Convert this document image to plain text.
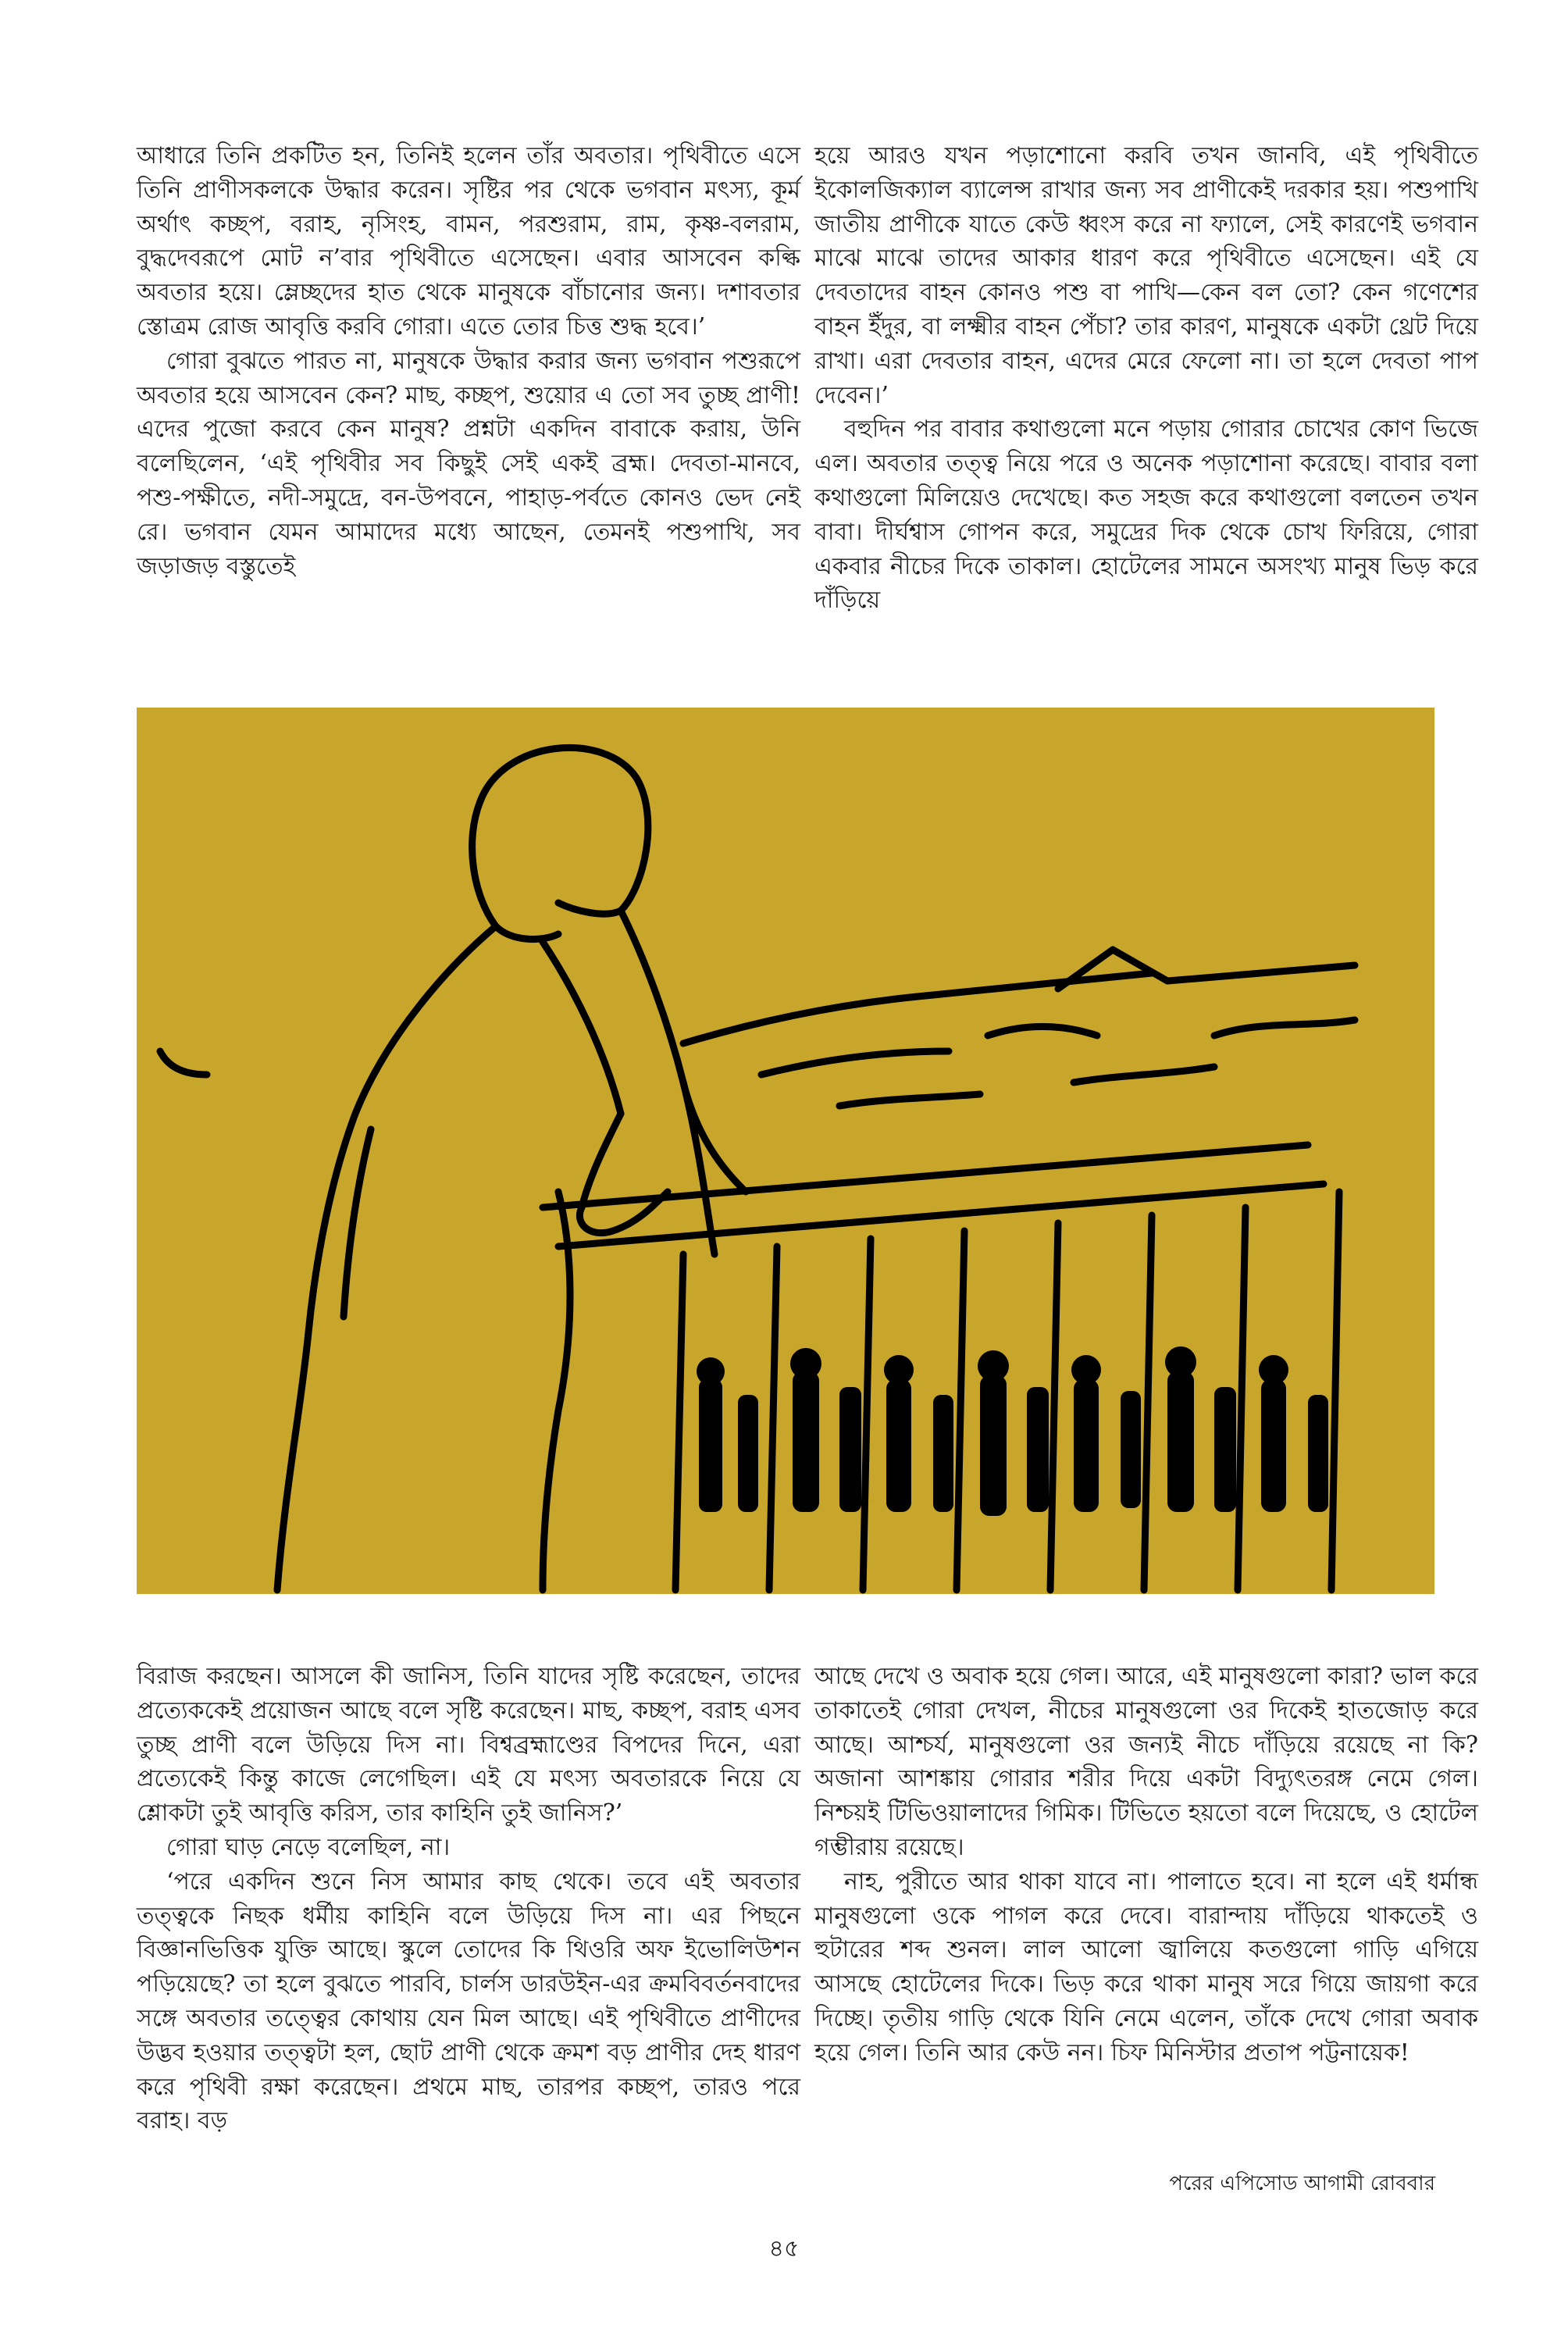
আধারে তিনি প্রকটিত হন, তিনিই হলেন তাঁর অবতার। পৃথিবীতে এসে তিনি প্রাণীসকলকে উদ্ধার করেন। সৃষ্টির পর থেকে ভগবান মৎস্য, কূর্ম অর্থাৎ কচ্ছপ, বরাহ, নৃসিংহ, বামন, পরশুরাম, রাম, কৃষ্ণ-বলরাম, বুদ্ধদেবরূপে মোট ন’বার পৃথিবীতে এসেছেন। এবার আসবেন কল্কি অবতার হয়ে। ম্লেচ্ছদের হাত থেকে মানুষকে বাঁচানোর জন্য। দশাবতার স্তোত্রম রোজ আবৃত্তি করবি গোরা। এতে তোর চিত্ত শুদ্ধ হবে।’

গোরা বুঝতে পারত না, মানুষকে উদ্ধার করার জন্য ভগবান পশুরূপে অবতার হয়ে আসবেন কেন? মাছ, কচ্ছপ, শুয়োর এ তো সব তুচ্ছ প্রাণী! এদের পুজো করবে কেন মানুষ? প্রশ্নটা একদিন বাবাকে করায়, উনি বলেছিলেন, ‘এই পৃথিবীর সব কিছুই সেই একই ব্রহ্ম। দেবতা-মানবে, পশু-পক্ষীতে, নদী-সমুদ্রে, বন-উপবনে, পাহাড়-পর্বতে কোনও ভেদ নেই রে। ভগবান যেমন আমাদের মধ্যে আছেন, তেমনই পশুপাখি, সব জড়াজড় বস্তুতেই

হয়ে আরও যখন পড়াশোনো করবি তখন জানবি, এই পৃথিবীতে ইকোলজিক্যাল ব্যালেন্স রাখার জন্য সব প্রাণীকেই দরকার হয়। পশুপাখি জাতীয় প্রাণীকে যাতে কেউ ধ্বংস করে না ফ্যালে, সেই কারণেই ভগবান মাঝে মাঝে তাদের আকার ধারণ করে পৃথিবীতে এসেছেন। এই যে দেবতাদের বাহন কোনও পশু বা পাখি—কেন বল তো? কেন গণেশের বাহন ইঁদুর, বা লক্ষ্মীর বাহন পেঁচা? তার কারণ, মানুষকে একটা থ্রেট দিয়ে রাখা। এরা দেবতার বাহন, এদের মেরে ফেলো না। তা হলে দেবতা পাপ দেবেন।’

বহুদিন পর বাবার কথাগুলো মনে পড়ায় গোরার চোখের কোণ ভিজে এল। অবতার তত্ত্ব নিয়ে পরে ও অনেক পড়াশোনা করেছে। বাবার বলা কথাগুলো মিলিয়েও দেখেছে। কত সহজ করে কথাগুলো বলতেন তখন বাবা। দীর্ঘশ্বাস গোপন করে, সমুদ্রের দিক থেকে চোখ ফিরিয়ে, গোরা একবার নীচের দিকে তাকাল। হোটেলের সামনে অসংখ্য মানুষ ভিড় করে দাঁড়িয়ে

বিরাজ করছেন। আসলে কী জানিস, তিনি যাদের সৃষ্টি করেছেন, তাদের প্রত্যেককেই প্রয়োজন আছে বলে সৃষ্টি করেছেন। মাছ, কচ্ছপ, বরাহ এসব তুচ্ছ প্রাণী বলে উড়িয়ে দিস না। বিশ্বব্রহ্মাণ্ডের বিপদের দিনে, এরা প্রত্যেকেই কিন্তু কাজে লেগেছিল। এই যে মৎস্য অবতারকে নিয়ে যে শ্লোকটা তুই আবৃত্তি করিস, তার কাহিনি তুই জানিস?’

গোরা ঘাড় নেড়ে বলেছিল, না।

‘পরে একদিন শুনে নিস আমার কাছ থেকে। তবে এই অবতার তত্ত্বকে নিছক ধর্মীয় কাহিনি বলে উড়িয়ে দিস না। এর পিছনে বিজ্ঞানভিত্তিক যুক্তি আছে। স্কুলে তোদের কি থিওরি অফ ইভোলিউশন পড়িয়েছে? তা হলে বুঝতে পারবি, চার্লস ডারউইন-এর ক্রমবিবর্তনবাদের সঙ্গে অবতার তত্ত্বের কোথায় যেন মিল আছে। এই পৃথিবীতে প্রাণীদের উদ্ভব হওয়ার তত্ত্বটা হল, ছোট প্রাণী থেকে ক্রমশ বড় প্রাণীর দেহ ধারণ করে পৃথিবী রক্ষা করেছেন। প্রথমে মাছ, তারপর কচ্ছপ, তারও পরে বরাহ। বড়

আছে দেখে ও অবাক হয়ে গেল। আরে, এই মানুষগুলো কারা? ভাল করে তাকাতেই গোরা দেখল, নীচের মানুষগুলো ওর দিকেই হাতজোড় করে আছে। আশ্চর্য, মানুষগুলো ওর জন্যই নীচে দাঁড়িয়ে রয়েছে না কি? অজানা আশঙ্কায় গোরার শরীর দিয়ে একটা বিদ্যুৎতরঙ্গ নেমে গেল। নিশ্চয়ই টিভিওয়ালাদের গিমিক। টিভিতে হয়তো বলে দিয়েছে, ও হোটেল গম্ভীরায় রয়েছে।

নাহ, পুরীতে আর থাকা যাবে না। পালাতে হবে। না হলে এই ধর্মান্ধ মানুষগুলো ওকে পাগল করে দেবে। বারান্দায় দাঁড়িয়ে থাকতেই ও হুটারের শব্দ শুনল। লাল আলো জ্বালিয়ে কতগুলো গাড়ি এগিয়ে আসছে হোটেলের দিকে। ভিড় করে থাকা মানুষ সরে গিয়ে জায়গা করে দিচ্ছে। তৃতীয় গাড়ি থেকে যিনি নেমে এলেন, তাঁকে দেখে গোরা অবাক হয়ে গেল। তিনি আর কেউ নন। চিফ মিনিস্টার প্রতাপ পট্টনায়েক!

পরের এপিসোড আগামী রোববার
৪৫
